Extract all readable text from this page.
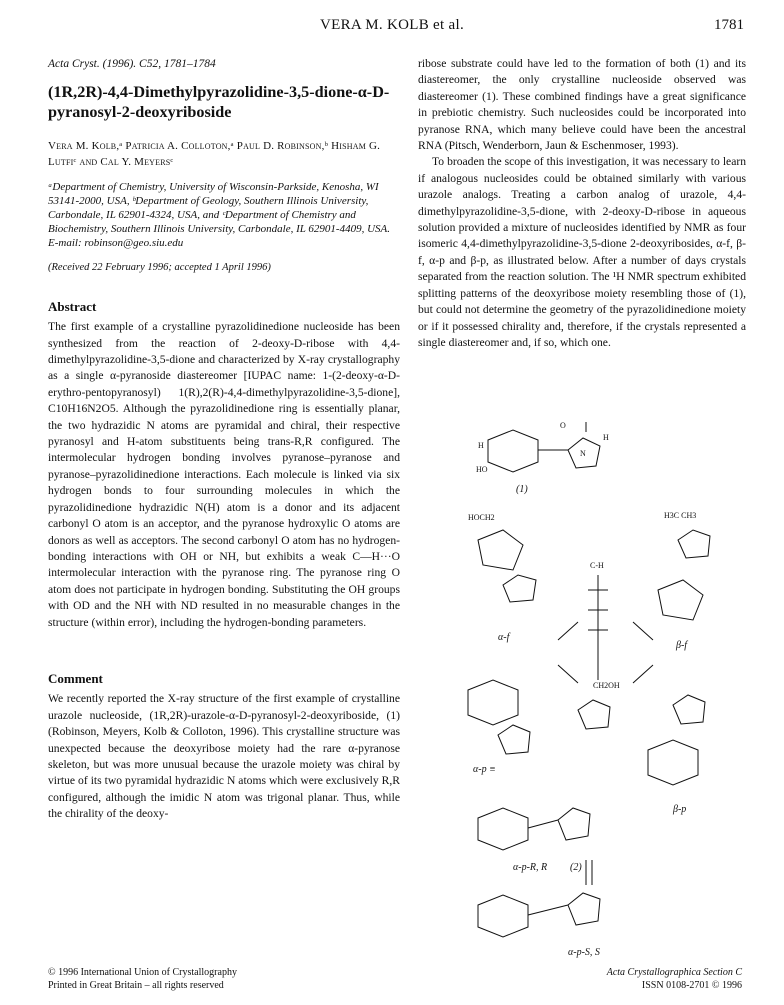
VERA M. KOLB et al.	1781
Acta Cryst. (1996). C52, 1781–1784
(1R,2R)-4,4-Dimethylpyrazolidine-3,5-dione-α-D-pyranosyl-2-deoxyriboside
Vera M. Kolb,ᵃ Patricia A. Colloton,ᵃ Paul D. Robinson,ᵇ Hisham G. Lutfiᶜ and Cal Y. Meyersᶜ
ᵃDepartment of Chemistry, University of Wisconsin-Parkside, Kenosha, WI 53141-2000, USA, ᵇDepartment of Geology, Southern Illinois University, Carbondale, IL 62901-4324, USA, and ᶜDepartment of Chemistry and Biochemistry, Southern Illinois University, Carbondale, IL 62901-4409, USA. E-mail: robinson@geo.siu.edu
(Received 22 February 1996; accepted 1 April 1996)
Abstract

The first example of a crystalline pyrazolidinedione nucleoside has been synthesized from the reaction of 2-deoxy-D-ribose with 4,4-dimethylpyrazolidine-3,5-dione and characterized by X-ray crystallography as a single α-pyranoside diastereomer [IUPAC name: 1-(2-deoxy-α-D-erythro-pentopyranosyl) 1(R),2(R)-4,4-dimethylpyrazolidine-3,5-dione], C10H16N2O5. Although the pyrazolidinedione ring is essentially planar, the two hydrazidic N atoms are pyramidal and chiral, their respective pyranosyl and H-atom substituents being trans-R,R configured. The intermolecular hydrogen bonding involves pyranose–pyranose and pyranose–pyrazolidinedione interactions. Each molecule is linked via six hydrogen bonds to four surrounding molecules in which the pyrazolidinedione hydrazidic N(H) atom is a donor and its adjacent carbonyl O atom is an acceptor, and the pyranose hydroxylic O atoms are donors as well as acceptors. The second carbonyl O atom has no hydrogen-bonding interactions with OH or NH, but exhibits a weak C—H···O intermolecular interaction with the pyranose ring. The pyranose ring O atom does not participate in hydrogen bonding. Substituting the OH groups with OD and the NH with ND resulted in no measurable changes in the structure (within error), including the hydrogen-bonding parameters.

Comment

We recently reported the X-ray structure of the first example of crystalline urazole nucleoside, (1R,2R)-urazole-α-D-pyranosyl-2-deoxyriboside, (1) (Robinson, Meyers, Kolb & Colloton, 1996). This crystalline structure was unexpected because the deoxyribose moiety had the rare α-pyranose skeleton, but was more unusual because the urazole moiety was chiral by virtue of its two pyramidal hydrazidic N atoms which were exclusively R,R configured, although the imidic N atom was trigonal planar. Thus, while the chirality of the deoxy-

ribose substrate could have led to the formation of both (1) and its diastereomer, the only crystalline nucleoside observed was diastereomer (1). These combined findings have a great significance in prebiotic chemistry. Such nucleosides could be incorporated into pyranose RNA, which many believe could have been the ancestral RNA (Pitsch, Wenderborn, Jaun & Eschenmoser, 1993).

To broaden the scope of this investigation, it was necessary to learn if analogous nucleosides could be obtained similarly with various urazole analogs. Treating a carbon analog of urazole, 4,4-dimethylpyrazolidine-3,5-dione, with 2-deoxy-D-ribose in aqueous solution provided a mixture of nucleosides identified by NMR as four isomeric 4,4-dimethylpyrazolidine-3,5-dione 2-deoxyribosides, α-f, β-f, α-p and β-p, as illustrated below. After a number of days crystals separated from the reaction solution. The ¹H NMR spectrum exhibited splitting patterns of the deoxyribose moiety resembling those of (1), but could not determine the geometry of the pyrazolidinedione moiety or if it possessed chirality and, therefore, if the crystals represented a single diastereomer and, if so, which one.

O
N
H
H
HO
(1)
HOCH2
α-f
H3C CH3
β-f
C-H
CH2OH
α-p ≡
β-p
α-p-R, R (2)
α-p-S, S
© 1996 International Union of Crystallography
Printed in Great Britain – all rights reserved
Acta Crystallographica Section C
ISSN 0108-2701 © 1996
